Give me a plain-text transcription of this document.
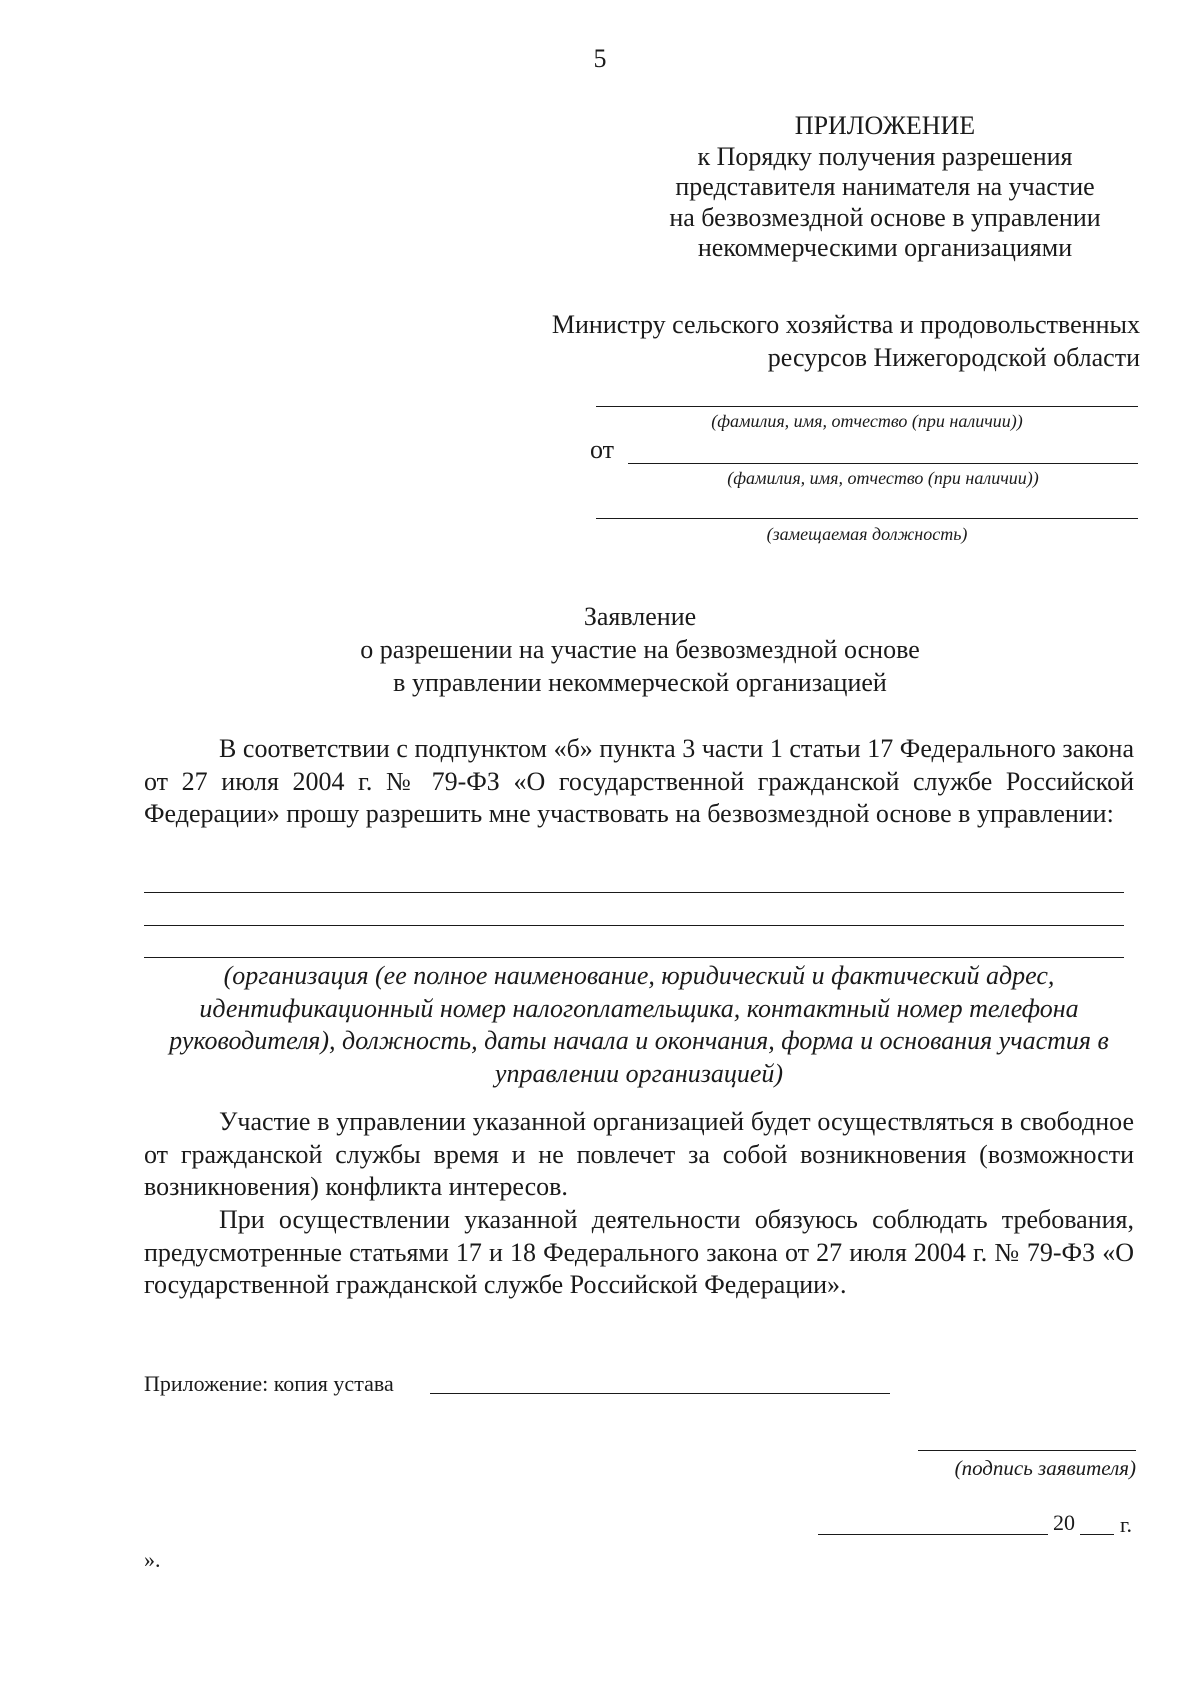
5
ПРИЛОЖЕНИЕ
к Порядку получения разрешения
представителя нанимателя на участие
на безвозмездной основе в управлении
некоммерческими организациями
Министру сельского хозяйства и продовольственных
ресурсов Нижегородской области
(фамилия, имя, отчество (при наличии))
от
(фамилия, имя, отчество (при наличии))
(замещаемая должность)
Заявление
о разрешении на участие на безвозмездной основе
в управлении некоммерческой организацией
В соответствии с подпунктом «б» пункта 3 части 1 статьи 17 Федерального закона от 27 июля 2004 г. № 79-ФЗ «О государственной гражданской службе Российской Федерации» прошу разрешить мне участвовать на безвозмездной основе в управлении:
(организация (ее полное наименование, юридический и фактический адрес, идентификационный номер налогоплательщика, контактный номер телефона руководителя), должность, даты начала и окончания, форма и основания участия в управлении организацией)
Участие в управлении указанной организацией будет осуществляться в свободное от гражданской службы время и не повлечет за собой возникновения (возможности возникновения) конфликта интересов.
При осуществлении указанной деятельности обязуюсь соблюдать требования, предусмотренные статьями 17 и 18 Федерального закона от 27 июля 2004 г. № 79-ФЗ «О государственной гражданской службе Российской Федерации».
Приложение: копия устава
(подпись заявителя)
20 г.
».
